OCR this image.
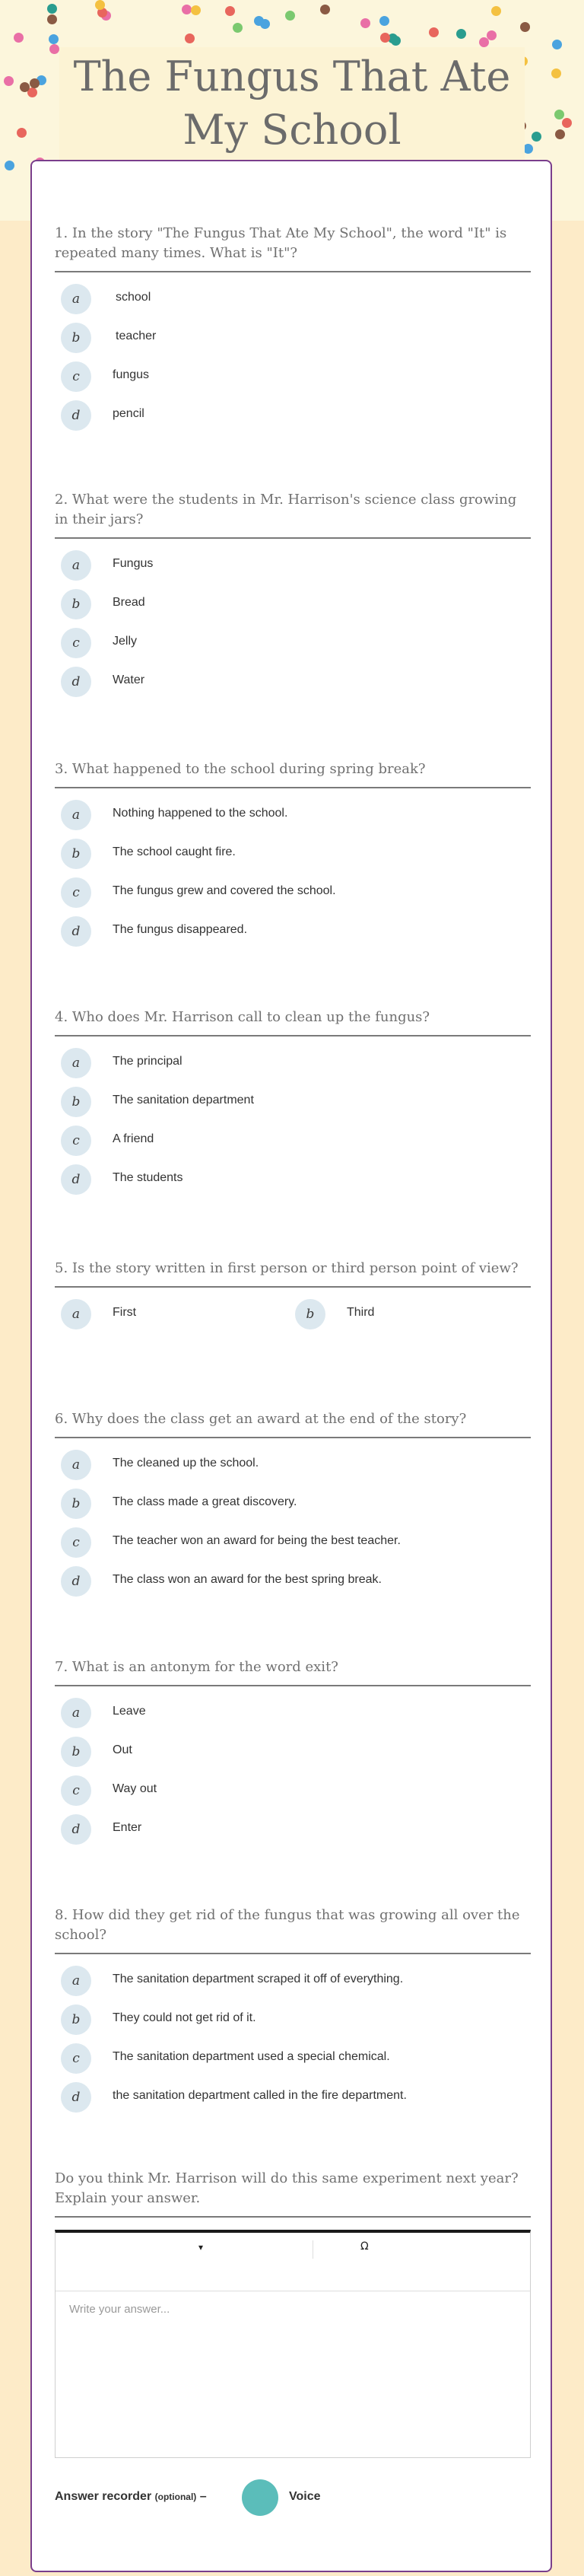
The Fungus That Ate My School

1. In the story "The Fungus That Ate My School", the word "It" is repeated many times. What is "It"?

a	school
b	teacher
c	fungus
d	pencil

2. What were the students in Mr. Harrison's science class growing in their jars?

a	Fungus
b	Bread
c	Jelly
d	Water

3. What happened to the school during spring break?

a	Nothing happened to the school.
b	The school caught fire.
c	The fungus grew and covered the school.
d	The fungus disappeared.

4. Who does Mr. Harrison call to clean up the fungus?

a	The principal
b	The sanitation department
c	A friend
d	The students

5. Is the story written in first person or third person point of view?

a	First	b	Third

6. Why does the class get an award at the end of the story?

a	The cleaned up the school.
b	The class made a great discovery.
c	The teacher won an award for being the best teacher.
d	The class won an award for the best spring break.

7. What is an antonym for the word exit?

a	Leave
b	Out
c	Way out
d	Enter

8. How did they get rid of the fungus that was growing all over the school?

a	The sanitation department scraped it off of everything.
b	They could not get rid of it.
c	The sanitation department used a special chemical.
d	the sanitation department called in the fire department.

Do you think Mr. Harrison will do this same experiment next year? Explain your answer.

▾	Ω
Write your answer...
Answer recorder (optional) –	Voice
